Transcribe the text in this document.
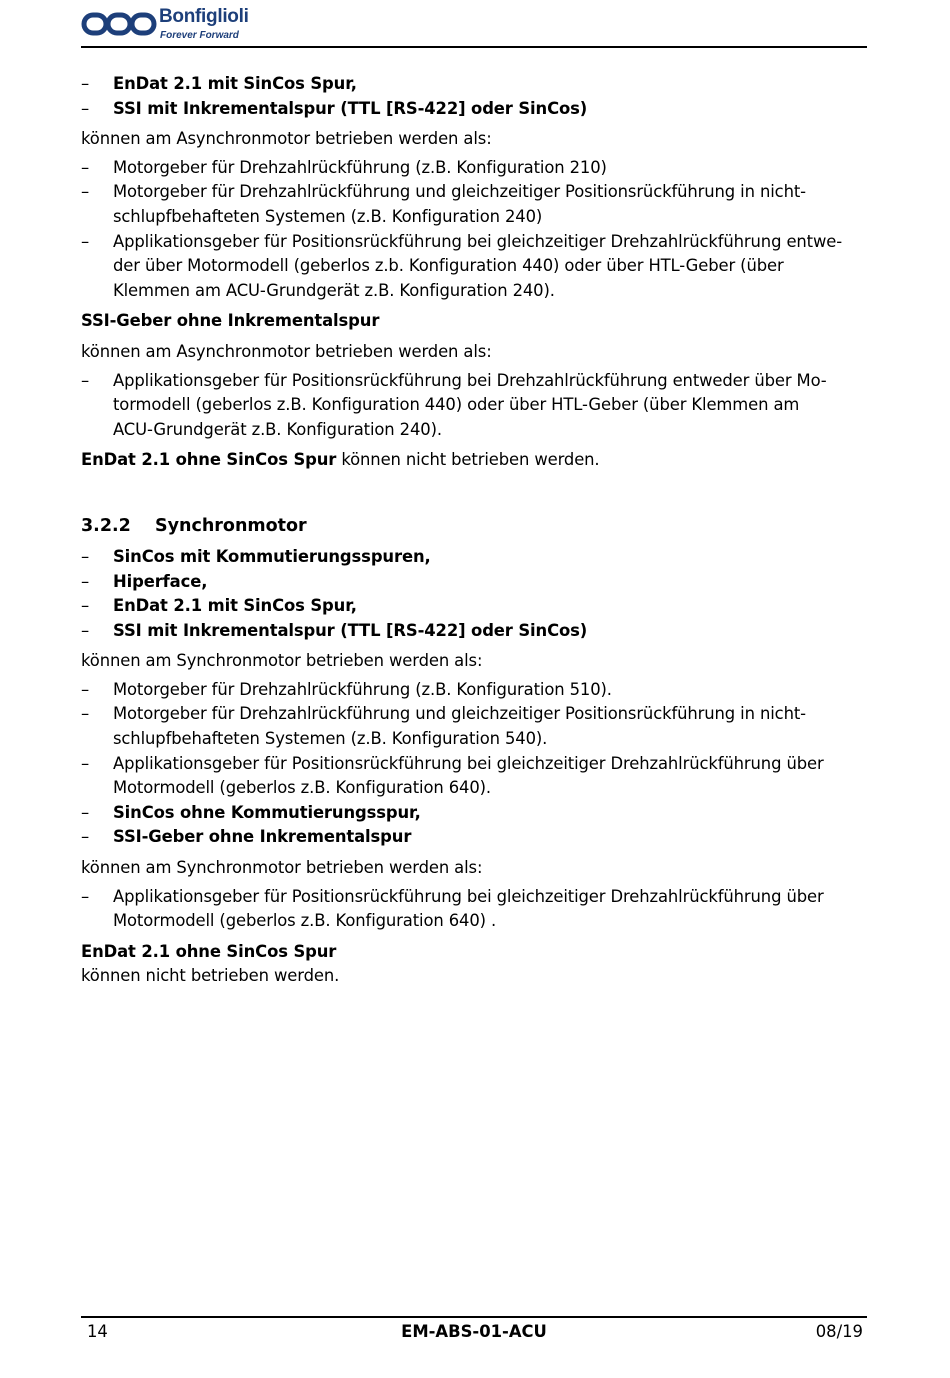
Bonfiglioli
Forever Forward
–	EnDat 2.1 mit SinCos Spur,
–	SSI mit Inkrementalspur (TTL [RS-422] oder SinCos)
können am Asynchronmotor betrieben werden als:
–	Motorgeber für Drehzahlrückführung (z.B. Konfiguration 210)
–	Motorgeber für Drehzahlrückführung und gleichzeitiger Positionsrückführung in nicht-
schlupfbehafteten Systemen (z.B. Konfiguration 240)
–	Applikationsgeber für Positionsrückführung bei gleichzeitiger Drehzahlrückführung entwe-
der über Motormodell (geberlos z.b. Konfiguration 440) oder über HTL-Geber (über
Klemmen am ACU-Grundgerät z.B. Konfiguration 240).
SSI-Geber ohne Inkrementalspur
können am Asynchronmotor betrieben werden als:
–	Applikationsgeber für Positionsrückführung bei Drehzahlrückführung entweder über Mo-
tormodell (geberlos z.B. Konfiguration 440) oder über HTL-Geber (über Klemmen am
ACU-Grundgerät z.B. Konfiguration 240).
EnDat 2.1 ohne SinCos Spur können nicht betrieben werden.
3.2.2 Synchronmotor
–	SinCos mit Kommutierungsspuren,
–	Hiperface,
–	EnDat 2.1 mit SinCos Spur,
–	SSI mit Inkrementalspur (TTL [RS-422] oder SinCos)
können am Synchronmotor betrieben werden als:
–	Motorgeber für Drehzahlrückführung (z.B. Konfiguration 510).
–	Motorgeber für Drehzahlrückführung und gleichzeitiger Positionsrückführung in nicht-
schlupfbehafteten Systemen (z.B. Konfiguration 540).
–	Applikationsgeber für Positionsrückführung bei gleichzeitiger Drehzahlrückführung über
Motormodell (geberlos z.B. Konfiguration 640).
–	SinCos ohne Kommutierungsspur,
–	SSI-Geber ohne Inkrementalspur
können am Synchronmotor betrieben werden als:
–	Applikationsgeber für Positionsrückführung bei gleichzeitiger Drehzahlrückführung über
Motormodell (geberlos z.B. Konfiguration 640) .
EnDat 2.1 ohne SinCos Spur
können nicht betrieben werden.
14	EM-ABS-01-ACU	08/19
